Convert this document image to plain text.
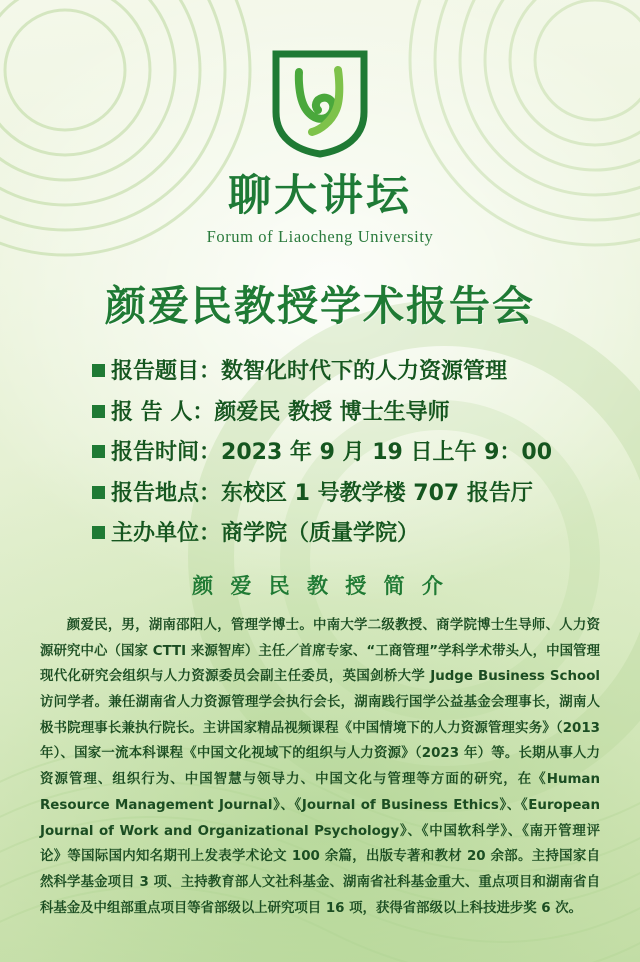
聊大讲坛
Forum of Liaocheng University
颜爱民教授学术报告会
报告题目： 数智化时代下的人力资源管理
报 告 人： 颜爱民 教授 博士生导师
报告时间： 2023 年 9 月 19 日上午 9：00
报告地点： 东校区 1 号教学楼 707 报告厅
主办单位： 商学院（质量学院）
颜 爱 民 教 授 简 介
颜爱民，男，湖南邵阳人，管理学博士。中南大学二级教授、商学院博士生导师、人力资源研究中心（国家 CTTI 来源智库）主任／首席专家、“工商管理”学科学术带头人，中国管理现代化研究会组织与人力资源委员会副主任委员，英国剑桥大学 Judge Business School 访问学者。兼任湖南省人力资源管理学会执行会长，湖南践行国学公益基金会理事长，湖南人极书院理事长兼执行院长。主讲国家精品视频课程《中国情境下的人力资源管理实务》（2013 年）、国家一流本科课程《中国文化视域下的组织与人力资源》（2023 年）等。长期从事人力资源管理、组织行为、中国智慧与领导力、中国文化与管理等方面的研究，在《Human Resource Management Journal》、《Journal of Business Ethics》、《European Journal of Work and Organizational Psychology》、《中国软科学》、《南开管理评论》等国际国内知名期刊上发表学术论文 100 余篇，出版专著和教材 20 余部。主持国家自然科学基金项目 3 项、主持教育部人文社科基金、湖南省社科基金重大、重点项目和湖南省自科基金及中组部重点项目等省部级以上研究项目 16 项，获得省部级以上科技进步奖 6 次。
